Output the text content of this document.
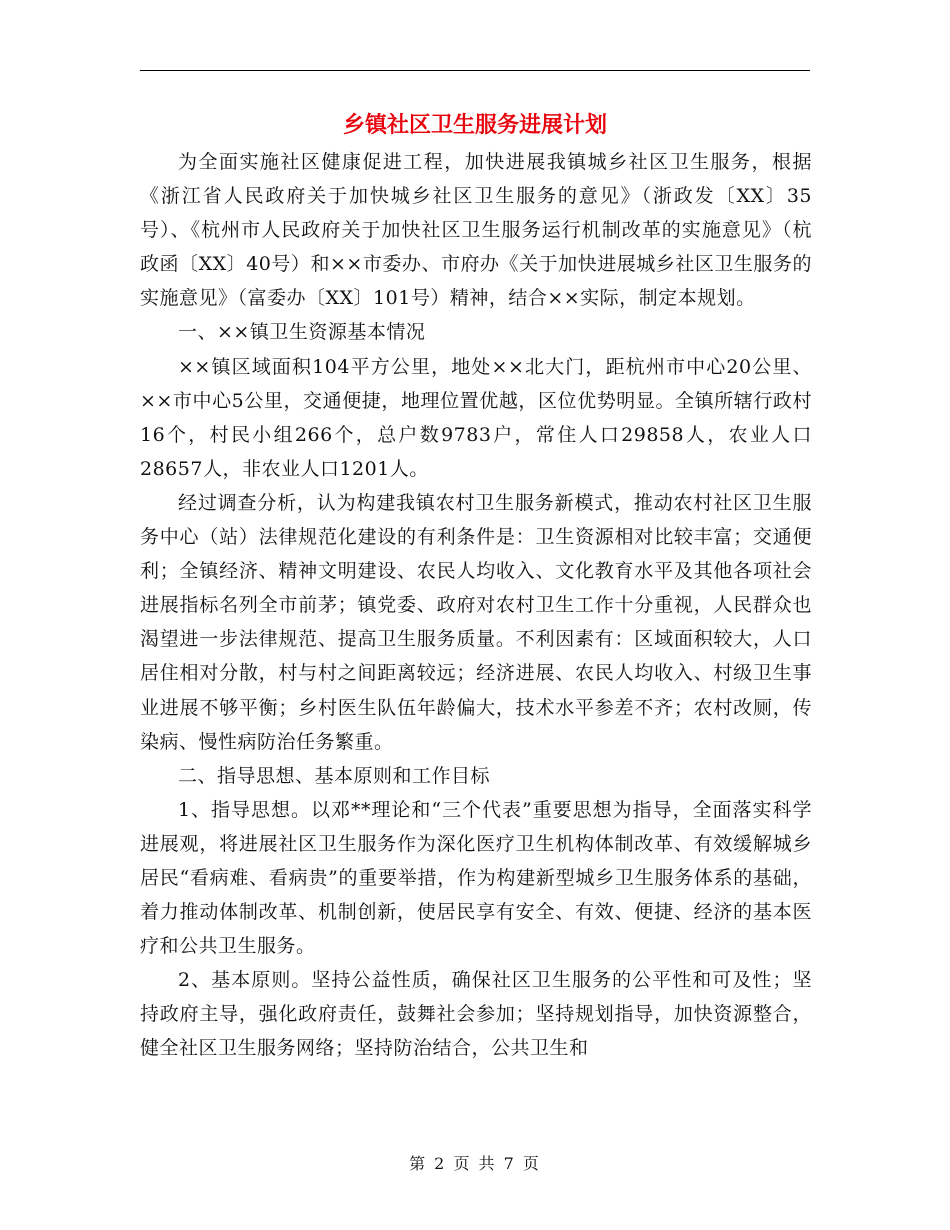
乡镇社区卫生服务进展计划

为全面实施社区健康促进工程，加快进展我镇城乡社区卫生服务，根据《浙江省人民政府关于加快城乡社区卫生服务的意见》（浙政发〔XX〕35号）、《杭州市人民政府关于加快社区卫生服务运行机制改革的实施意见》（杭政函〔XX〕40号）和××市委办、市府办《关于加快进展城乡社区卫生服务的实施意见》（富委办〔XX〕101号）精神，结合××实际，制定本规划。

一、××镇卫生资源基本情况

××镇区域面积104平方公里，地处××北大门，距杭州市中心20公里、××市中心5公里，交通便捷，地理位置优越，区位优势明显。全镇所辖行政村16个，村民小组266个，总户数9783户，常住人口29858人，农业人口28657人，非农业人口1201人。

经过调查分析，认为构建我镇农村卫生服务新模式，推动农村社区卫生服务中心（站）法律规范化建设的有利条件是：卫生资源相对比较丰富；交通便利；全镇经济、精神文明建设、农民人均收入、文化教育水平及其他各项社会进展指标名列全市前茅；镇党委、政府对农村卫生工作十分重视，人民群众也渴望进一步法律规范、提高卫生服务质量。不利因素有：区域面积较大，人口居住相对分散，村与村之间距离较远；经济进展、农民人均收入、村级卫生事业进展不够平衡；乡村医生队伍年龄偏大，技术水平参差不齐；农村改厕，传染病、慢性病防治任务繁重。

二、指导思想、基本原则和工作目标

1、指导思想。以邓**理论和“三个代表”重要思想为指导，全面落实科学进展观，将进展社区卫生服务作为深化医疗卫生机构体制改革、有效缓解城乡居民“看病难、看病贵”的重要举措，作为构建新型城乡卫生服务体系的基础，着力推动体制改革、机制创新，使居民享有安全、有效、便捷、经济的基本医疗和公共卫生服务。

2、基本原则。坚持公益性质，确保社区卫生服务的公平性和可及性；坚持政府主导，强化政府责任，鼓舞社会参加；坚持规划指导，加快资源整合，健全社区卫生服务网络；坚持防治结合，公共卫生和

第 2 页 共 7 页
